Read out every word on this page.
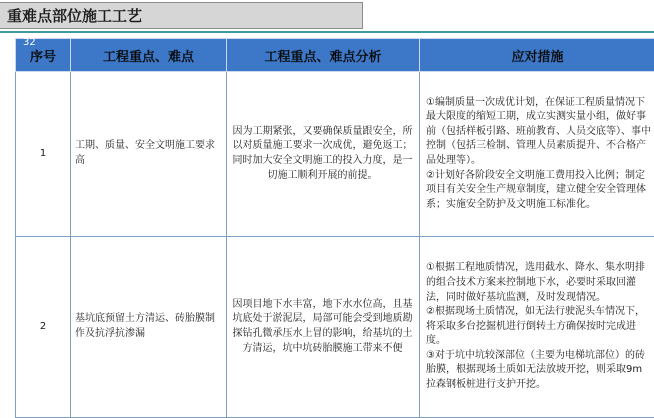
重难点部位施工工艺
32
序号	工程重点、难点	工程重点、难点分析	应对措施
1	工期、质量、安全文明施工要求高	因为工期紧张，又要确保质量跟安全，所以对质量施工要求一次成优，避免返工；同时加大安全文明施工的投入力度，是一切施工顺利开展的前提。	①编制质量一次成优计划，在保证工程质量情况下最大限度的缩短工期，成立实测实量小组，做好事前（包括样板引路、班前教育、人员交底等）、事中控制（包括三检制、管理人员素质提升、不合格产品处理等）。
②计划好各阶段安全文明施工费用投入比例；制定项目有关安全生产规章制度，建立健全安全管理体系；实施安全防护及文明施工标准化。

2	基坑底预留土方清运、砖胎膜制作及抗浮抗渗漏	因项目地下水丰富，地下水水位高，且基坑底处于淤泥层，局部可能会受到地质勘探钻孔微承压水上冒的影响，给基坑的土方清运，坑中坑砖胎膜施工带来不便	①根据工程地质情况，选用截水、降水、集水明排的组合技术方案来控制地下水，必要时采取回灌法，同时做好基坑监测，及时发现情况。
②根据现场土质情况，如无法行驶泥头车情况下，将采取多台挖掘机进行倒转土方确保按时完成进度。
③对于坑中坑较深部位（主要为电梯坑部位）的砖胎膜，根据现场土质如无法放坡开挖，则采取9m拉森钢板桩进行支护开挖。
